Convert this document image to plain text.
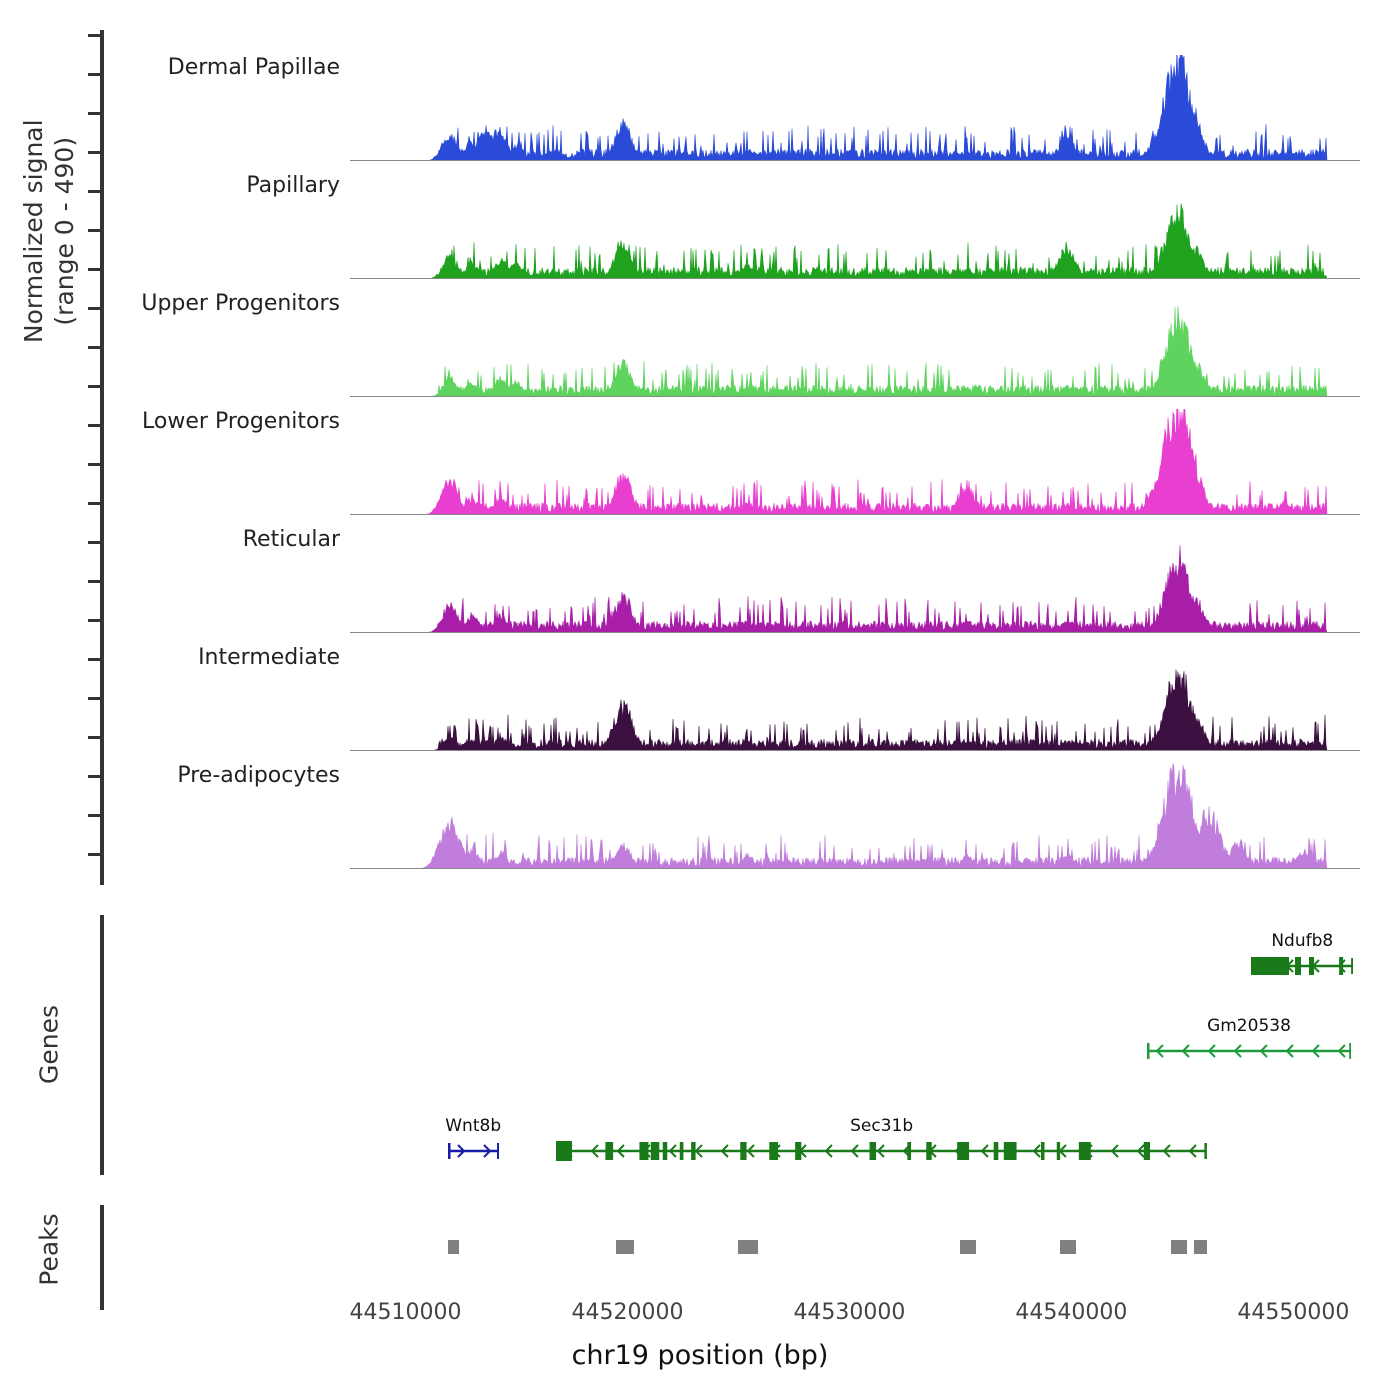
Normalized signal (range 0 - 490)
Dermal Papillae
Papillary
Upper Progenitors
Lower Progenitors
Reticular
Intermediate
Pre-adipocytes
Genes
Ndufb8
Gm20538
Wnt8b	Sec31b
Peaks
44510000	44520000	44530000	44540000	44550000
chr19 position (bp)
